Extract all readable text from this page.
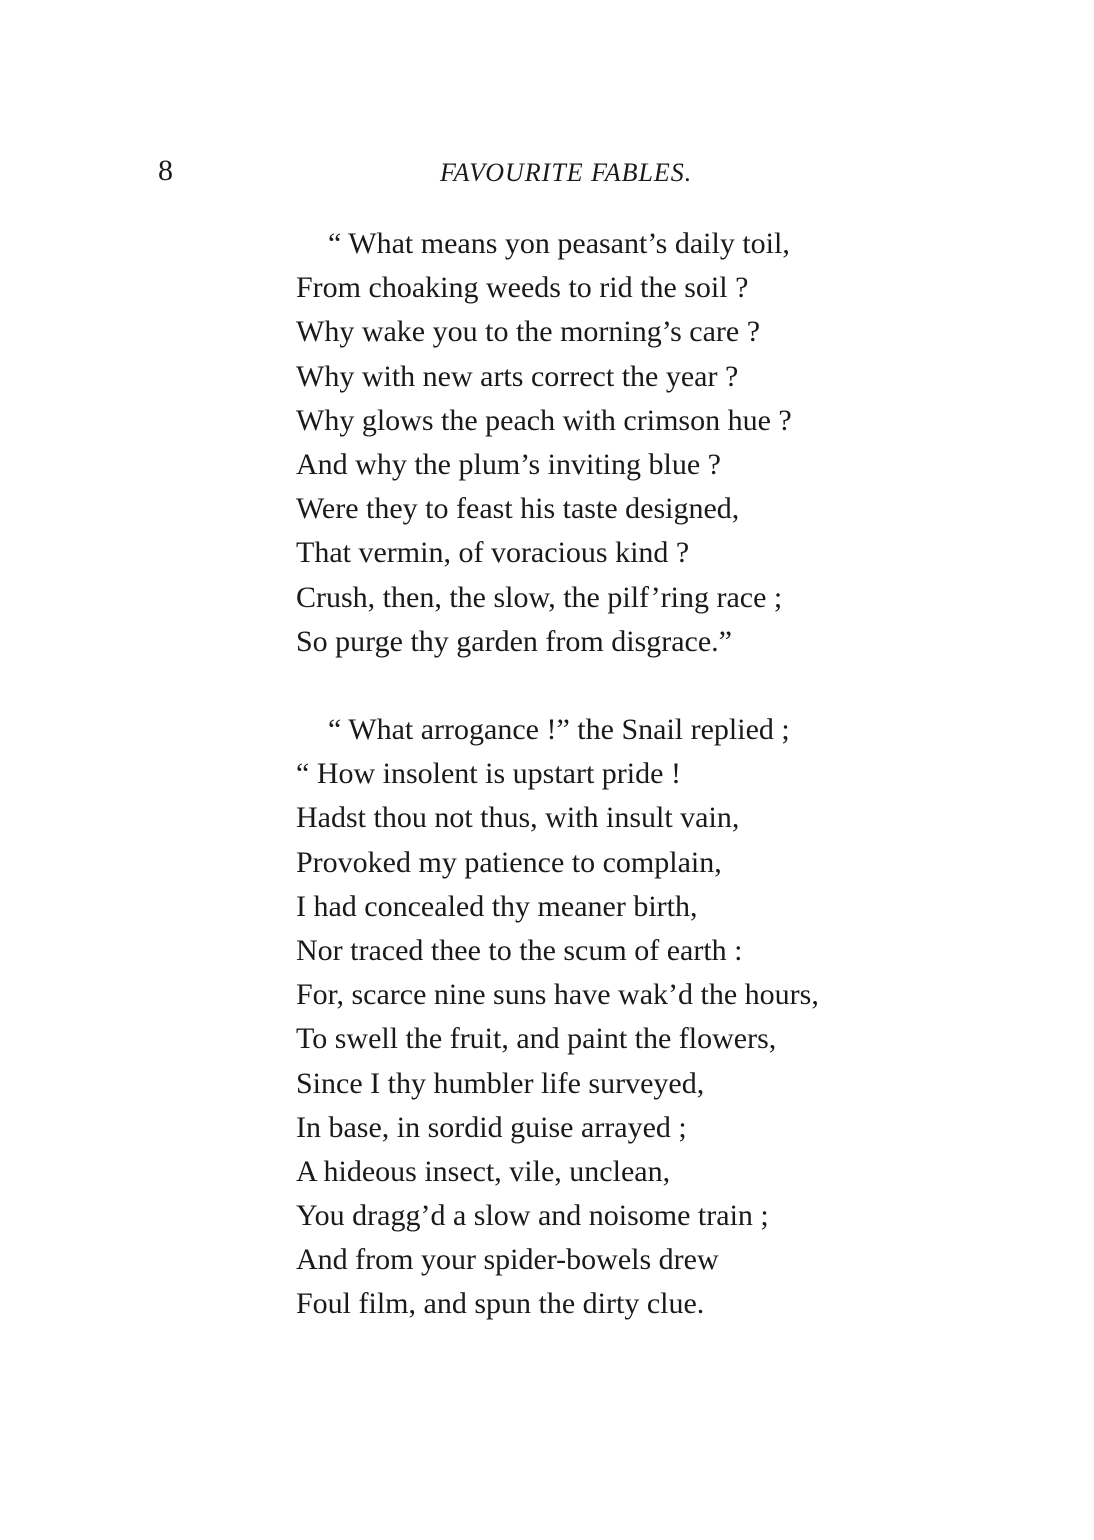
8	FAVOURITE FABLES.
“ What means yon peasant’s daily toil,
From choaking weeds to rid the soil ?
Why wake you to the morning’s care ?
Why with new arts correct the year ?
Why glows the peach with crimson hue ?
And why the plum’s inviting blue ?
Were they to feast his taste designed,
That vermin, of voracious kind ?
Crush, then, the slow, the pilf’ring race ;
So purge thy garden from disgrace.”
“ What arrogance !” the Snail replied ;
“ How insolent is upstart pride !
Hadst thou not thus, with insult vain,
Provoked my patience to complain,
I had concealed thy meaner birth,
Nor traced thee to the scum of earth :
For, scarce nine suns have wak’d the hours,
To swell the fruit, and paint the flowers,
Since I thy humbler life surveyed,
In base, in sordid guise arrayed ;
A hideous insect, vile, unclean,
You dragg’d a slow and noisome train ;
And from your spider-bowels drew
Foul film, and spun the dirty clue.
